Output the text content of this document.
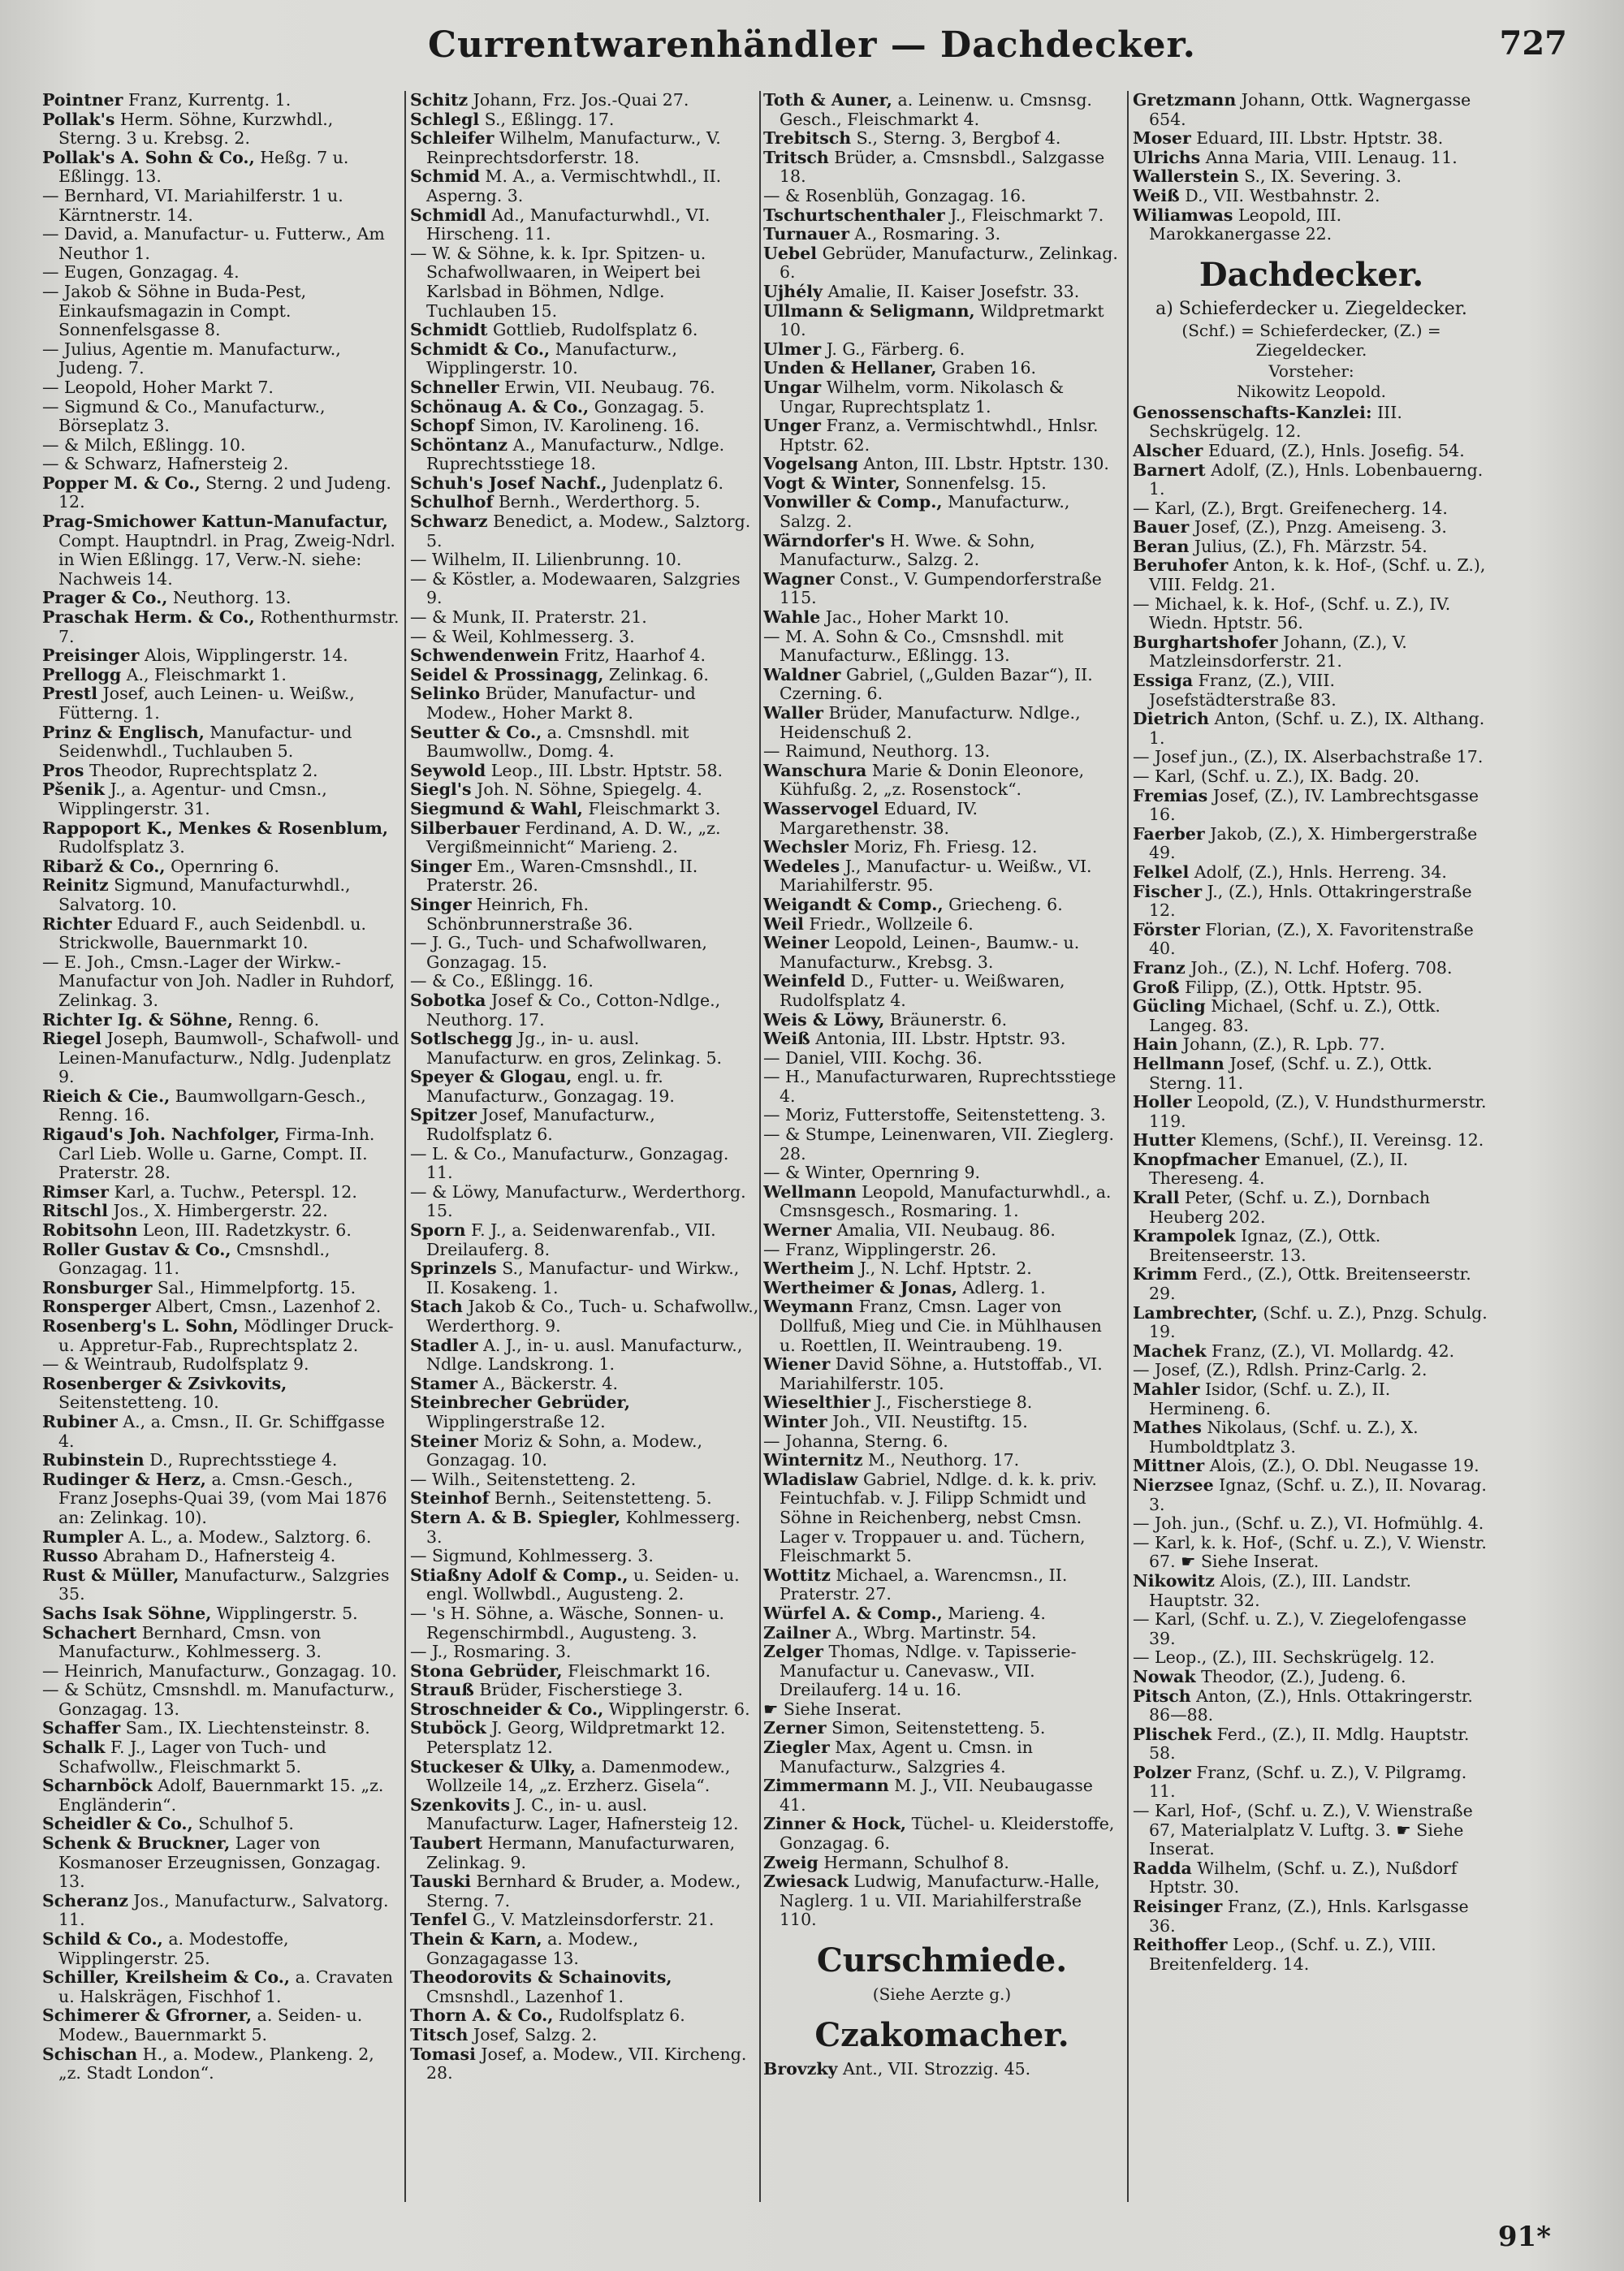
Currentwarenhändler — Dachdecker.	727

Pointner Franz, Kurrentg. 1.

Pollak's Herm. Söhne, Kurzwhdl., Sterng. 3 u. Krebsg. 2.

Pollak's A. Sohn & Co., Heßg. 7 u. Eßlingg. 13.

— Bernhard, VI. Mariahilferstr. 1 u. Kärntnerstr. 14.

— David, a. Manufactur- u. Futterw., Am Neuthor 1.

— Eugen, Gonzagag. 4.

— Jakob & Söhne in Buda-Pest, Einkaufsmagazin in Compt. Sonnenfelsgasse 8.

— Julius, Agentie m. Manufacturw., Judeng. 7.

— Leopold, Hoher Markt 7.

— Sigmund & Co., Manufacturw., Börseplatz 3.

— & Milch, Eßlingg. 10.

— & Schwarz, Hafnersteig 2.

Popper M. & Co., Sterng. 2 und Judeng. 12.

Prag-Smichower Kattun-Manufactur, Compt. Hauptndrl. in Prag, Zweig-Ndrl. in Wien Eßlingg. 17, Verw.-N. siehe: Nachweis 14.

Prager & Co., Neuthorg. 13.

Praschak Herm. & Co., Rothenthurmstr. 7.

Preisinger Alois, Wipplingerstr. 14.

Prellogg A., Fleischmarkt 1.

Prestl Josef, auch Leinen- u. Weißw., Fütterng. 1.

Prinz & Englisch, Manufactur- und Seidenwhdl., Tuchlauben 5.

Pros Theodor, Ruprechtsplatz 2.

Pšenik J., a. Agentur- und Cmsn., Wipplingerstr. 31.

Rappoport K., Menkes & Rosenblum, Rudolfsplatz 3.

Ribarž & Co., Opernring 6.

Reinitz Sigmund, Manufacturwhdl., Salvatorg. 10.

Richter Eduard F., auch Seidenbdl. u. Strickwolle, Bauernmarkt 10.

— E. Joh., Cmsn.-Lager der Wirkw.-Manufactur von Joh. Nadler in Ruhdorf, Zelinkag. 3.

Richter Ig. & Söhne, Renng. 6.

Riegel Joseph, Baumwoll-, Schafwoll- und Leinen-Manufacturw., Ndlg. Judenplatz 9.

Rieich & Cie., Baumwollgarn-Gesch., Renng. 16.

Rigaud's Joh. Nachfolger, Firma-Inh. Carl Lieb. Wolle u. Garne, Compt. II. Praterstr. 28.

Rimser Karl, a. Tuchw., Peterspl. 12.

Ritschl Jos., X. Himbergerstr. 22.

Robitsohn Leon, III. Radetzkystr. 6.

Roller Gustav & Co., Cmsnshdl., Gonzagag. 11.

Ronsburger Sal., Himmelpfortg. 15.

Ronsperger Albert, Cmsn., Lazenhof 2.

Rosenberg's L. Sohn, Mödlinger Druck- u. Appretur-Fab., Ruprechtsplatz 2.

— & Weintraub, Rudolfsplatz 9.

Rosenberger & Zsivkovits, Seitenstetteng. 10.

Rubiner A., a. Cmsn., II. Gr. Schiffgasse 4.

Rubinstein D., Ruprechtsstiege 4.

Rudinger & Herz, a. Cmsn.-Gesch., Franz Josephs-Quai 39, (vom Mai 1876 an: Zelinkag. 10).

Rumpler A. L., a. Modew., Salztorg. 6.

Russo Abraham D., Hafnersteig 4.

Rust & Müller, Manufacturw., Salzgries 35.

Sachs Isak Söhne, Wipplingerstr. 5.

Schachert Bernhard, Cmsn. von Manufacturw., Kohlmesserg. 3.

— Heinrich, Manufacturw., Gonzagag. 10.

— & Schütz, Cmsnshdl. m. Manufacturw., Gonzagag. 13.

Schaffer Sam., IX. Liechtensteinstr. 8.

Schalk F. J., Lager von Tuch- und Schafwollw., Fleischmarkt 5.

Scharnböck Adolf, Bauernmarkt 15. „z. Engländerin“.

Scheidler & Co., Schulhof 5.

Schenk & Bruckner, Lager von Kosmanoser Erzeugnissen, Gonzagag. 13.

Scheranz Jos., Manufacturw., Salvatorg. 11.

Schild & Co., a. Modestoffe, Wipplingerstr. 25.

Schiller, Kreilsheim & Co., a. Cravaten u. Halskrägen, Fischhof 1.

Schimerer & Gfrorner, a. Seiden- u. Modew., Bauernmarkt 5.

Schischan H., a. Modew., Plankeng. 2, „z. Stadt London“.

Schitz Johann, Frz. Jos.-Quai 27.

Schlegl S., Eßlingg. 17.

Schleifer Wilhelm, Manufacturw., V. Reinprechtsdorferstr. 18.

Schmid M. A., a. Vermischtwhdl., II. Asperng. 3.

Schmidl Ad., Manufacturwhdl., VI. Hirscheng. 11.

— W. & Söhne, k. k. Ipr. Spitzen- u. Schafwollwaaren, in Weipert bei Karlsbad in Böhmen, Ndlge. Tuchlauben 15.

Schmidt Gottlieb, Rudolfsplatz 6.

Schmidt & Co., Manufacturw., Wipplingerstr. 10.

Schneller Erwin, VII. Neubaug. 76.

Schönaug A. & Co., Gonzagag. 5.

Schopf Simon, IV. Karolineng. 16.

Schöntanz A., Manufacturw., Ndlge. Ruprechtsstiege 18.

Schuh's Josef Nachf., Judenplatz 6.

Schulhof Bernh., Werderthorg. 5.

Schwarz Benedict, a. Modew., Salztorg. 5.

— Wilhelm, II. Lilienbrunng. 10.

— & Köstler, a. Modewaaren, Salzgries 9.

— & Munk, II. Praterstr. 21.

— & Weil, Kohlmesserg. 3.

Schwendenwein Fritz, Haarhof 4.

Seidel & Prossinagg, Zelinkag. 6.

Selinko Brüder, Manufactur- und Modew., Hoher Markt 8.

Seutter & Co., a. Cmsnshdl. mit Baumwollw., Domg. 4.

Seywold Leop., III. Lbstr. Hptstr. 58.

Siegl's Joh. N. Söhne, Spiegelg. 4.

Siegmund & Wahl, Fleischmarkt 3.

Silberbauer Ferdinand, A. D. W., „z. Vergißmeinnicht“ Marieng. 2.

Singer Em., Waren-Cmsnshdl., II. Praterstr. 26.

Singer Heinrich, Fh. Schönbrunnerstraße 36.

— J. G., Tuch- und Schafwollwaren, Gonzagag. 15.

— & Co., Eßlingg. 16.

Sobotka Josef & Co., Cotton-Ndlge., Neuthorg. 17.

Sotlschegg Jg., in- u. ausl. Manufacturw. en gros, Zelinkag. 5.

Speyer & Glogau, engl. u. fr. Manufacturw., Gonzagag. 19.

Spitzer Josef, Manufacturw., Rudolfsplatz 6.

— L. & Co., Manufacturw., Gonzagag. 11.

— & Löwy, Manufacturw., Werderthorg. 15.

Sporn F. J., a. Seidenwarenfab., VII. Dreilauferg. 8.

Sprinzels S., Manufactur- und Wirkw., II. Kosakeng. 1.

Stach Jakob & Co., Tuch- u. Schafwollw., Werderthorg. 9.

Stadler A. J., in- u. ausl. Manufacturw., Ndlge. Landskrong. 1.

Stamer A., Bäckerstr. 4.

Steinbrecher Gebrüder, Wipplingerstraße 12.

Steiner Moriz & Sohn, a. Modew., Gonzagag. 10.

— Wilh., Seitenstetteng. 2.

Steinhof Bernh., Seitenstetteng. 5.

Stern A. & B. Spiegler, Kohlmesserg. 3.

— Sigmund, Kohlmesserg. 3.

Stiaßny Adolf & Comp., u. Seiden- u. engl. Wollwbdl., Augusteng. 2.

— 's H. Söhne, a. Wäsche, Sonnen- u. Regenschirmbdl., Augusteng. 3.

— J., Rosmaring. 3.

Stona Gebrüder, Fleischmarkt 16.

Strauß Brüder, Fischerstiege 3.

Stroschneider & Co., Wipplingerstr. 6.

Stuböck J. Georg, Wildpretmarkt 12. Petersplatz 12.

Stuckeser & Ulky, a. Damenmodew., Wollzeile 14, „z. Erzherz. Gisela“.

Szenkovits J. C., in- u. ausl. Manufacturw. Lager, Hafnersteig 12.

Taubert Hermann, Manufacturwaren, Zelinkag. 9.

Tauski Bernhard & Bruder, a. Modew., Sterng. 7.

Tenfel G., V. Matzleinsdorferstr. 21.

Thein & Karn, a. Modew., Gonzagagasse 13.

Theodorovits & Schainovits, Cmsnshdl., Lazenhof 1.

Thorn A. & Co., Rudolfsplatz 6.

Titsch Josef, Salzg. 2.

Tomasi Josef, a. Modew., VII. Kircheng. 28.

Toth & Auner, a. Leinenw. u. Cmsnsg. Gesch., Fleischmarkt 4.

Trebitsch S., Sterng. 3, Bergbof 4.

Tritsch Brüder, a. Cmsnsbdl., Salzgasse 18.

— & Rosenblüh, Gonzagag. 16.

Tschurtschenthaler J., Fleischmarkt 7.

Turnauer A., Rosmaring. 3.

Uebel Gebrüder, Manufacturw., Zelinkag. 6.

Ujhély Amalie, II. Kaiser Josefstr. 33.

Ullmann & Seligmann, Wildpretmarkt 10.

Ulmer J. G., Färberg. 6.

Unden & Hellaner, Graben 16.

Ungar Wilhelm, vorm. Nikolasch & Ungar, Ruprechtsplatz 1.

Unger Franz, a. Vermischtwhdl., Hnlsr. Hptstr. 62.

Vogelsang Anton, III. Lbstr. Hptstr. 130.

Vogt & Winter, Sonnenfelsg. 15.

Vonwiller & Comp., Manufacturw., Salzg. 2.

Wärndorfer's H. Wwe. & Sohn, Manufacturw., Salzg. 2.

Wagner Const., V. Gumpendorferstraße 115.

Wahle Jac., Hoher Markt 10.

— M. A. Sohn & Co., Cmsnshdl. mit Manufacturw., Eßlingg. 13.

Waldner Gabriel, („Gulden Bazar“), II. Czerning. 6.

Waller Brüder, Manufacturw. Ndlge., Heidenschuß 2.

— Raimund, Neuthorg. 13.

Wanschura Marie & Donin Eleonore, Kühfußg. 2, „z. Rosenstock“.

Wasservogel Eduard, IV. Margarethenstr. 38.

Wechsler Moriz, Fh. Friesg. 12.

Wedeles J., Manufactur- u. Weißw., VI. Mariahilferstr. 95.

Weigandt & Comp., Griecheng. 6.

Weil Friedr., Wollzeile 6.

Weiner Leopold, Leinen-, Baumw.- u. Manufacturw., Krebsg. 3.

Weinfeld D., Futter- u. Weißwaren, Rudolfsplatz 4.

Weis & Löwy, Bräunerstr. 6.

Weiß Antonia, III. Lbstr. Hptstr. 93.

— Daniel, VIII. Kochg. 36.

— H., Manufacturwaren, Ruprechtsstiege 4.

— Moriz, Futterstoffe, Seitenstetteng. 3.

— & Stumpe, Leinenwaren, VII. Zieglerg. 28.

— & Winter, Opernring 9.

Wellmann Leopold, Manufacturwhdl., a. Cmsnsgesch., Rosmaring. 1.

Werner Amalia, VII. Neubaug. 86.

— Franz, Wipplingerstr. 26.

Wertheim J., N. Lchf. Hptstr. 2.

Wertheimer & Jonas, Adlerg. 1.

Weymann Franz, Cmsn. Lager von Dollfuß, Mieg und Cie. in Mühlhausen u. Roettlen, II. Weintraubeng. 19.

Wiener David Söhne, a. Hutstoffab., VI. Mariahilferstr. 105.

Wieselthier J., Fischerstiege 8.

Winter Joh., VII. Neustiftg. 15.

— Johanna, Sterng. 6.

Winternitz M., Neuthorg. 17.

Wladislaw Gabriel, Ndlge. d. k. k. priv. Feintuchfab. v. J. Filipp Schmidt und Söhne in Reichenberg, nebst Cmsn. Lager v. Troppauer u. and. Tüchern, Fleischmarkt 5.

Wottitz Michael, a. Warencmsn., II. Praterstr. 27.

Würfel A. & Comp., Marieng. 4.

Zailner A., Wbrg. Martinstr. 54.

Zelger Thomas, Ndlge. v. Tapisserie-Manufactur u. Canevasw., VII. Dreilauferg. 14 u. 16.

☛ Siehe Inserat.

Zerner Simon, Seitenstetteng. 5.

Ziegler Max, Agent u. Cmsn. in Manufacturw., Salzgries 4.

Zimmermann M. J., VII. Neubaugasse 41.

Zinner & Hock, Tüchel- u. Kleiderstoffe, Gonzagag. 6.

Zweig Hermann, Schulhof 8.

Zwiesack Ludwig, Manufacturw.-Halle, Naglerg. 1 u. VII. Mariahilferstraße 110.

Curschmiede.
(Siehe Aerzte g.)
Czakomacher.

Brovzky Ant., VII. Strozzig. 45.

Gretzmann Johann, Ottk. Wagnergasse 654.

Moser Eduard, III. Lbstr. Hptstr. 38.

Ulrichs Anna Maria, VIII. Lenaug. 11.

Wallerstein S., IX. Severing. 3.

Weiß D., VII. Westbahnstr. 2.

Wiliamwas Leopold, III. Marokkanergasse 22.

Dachdecker.
a) Schieferdecker u. Ziegeldecker.
(Schf.) = Schieferdecker, (Z.) = Ziegeldecker.
Vorsteher:
Nikowitz Leopold.

Genossenschafts-Kanzlei: III. Sechskrügelg. 12.

Alscher Eduard, (Z.), Hnls. Josefig. 54.

Barnert Adolf, (Z.), Hnls. Lobenbauerng. 1.

— Karl, (Z.), Brgt. Greifenecherg. 14.

Bauer Josef, (Z.), Pnzg. Ameiseng. 3.

Beran Julius, (Z.), Fh. Märzstr. 54.

Beruhofer Anton, k. k. Hof-, (Schf. u. Z.), VIII. Feldg. 21.

— Michael, k. k. Hof-, (Schf. u. Z.), IV. Wiedn. Hptstr. 56.

Burghartshofer Johann, (Z.), V. Matzleinsdorferstr. 21.

Essiga Franz, (Z.), VIII. Josefstädterstraße 83.

Dietrich Anton, (Schf. u. Z.), IX. Althang. 1.

— Josef jun., (Z.), IX. Alserbachstraße 17.

— Karl, (Schf. u. Z.), IX. Badg. 20.

Fremias Josef, (Z.), IV. Lambrechtsgasse 16.

Faerber Jakob, (Z.), X. Himbergerstraße 49.

Felkel Adolf, (Z.), Hnls. Herreng. 34.

Fischer J., (Z.), Hnls. Ottakringerstraße 12.

Förster Florian, (Z.), X. Favoritenstraße 40.

Franz Joh., (Z.), N. Lchf. Hoferg. 708.

Groß Filipp, (Z.), Ottk. Hptstr. 95.

Gücling Michael, (Schf. u. Z.), Ottk. Langeg. 83.

Hain Johann, (Z.), R. Lpb. 77.

Hellmann Josef, (Schf. u. Z.), Ottk. Sterng. 11.

Holler Leopold, (Z.), V. Hundsthurmerstr. 119.

Hutter Klemens, (Schf.), II. Vereinsg. 12.

Knopfmacher Emanuel, (Z.), II. Thereseng. 4.

Krall Peter, (Schf. u. Z.), Dornbach Heuberg 202.

Krampolek Ignaz, (Z.), Ottk. Breitenseerstr. 13.

Krimm Ferd., (Z.), Ottk. Breitenseerstr. 29.

Lambrechter, (Schf. u. Z.), Pnzg. Schulg. 19.

Machek Franz, (Z.), VI. Mollardg. 42.

— Josef, (Z.), Rdlsh. Prinz-Carlg. 2.

Mahler Isidor, (Schf. u. Z.), II. Hermineng. 6.

Mathes Nikolaus, (Schf. u. Z.), X. Humboldtplatz 3.

Mittner Alois, (Z.), O. Dbl. Neugasse 19.

Nierzsee Ignaz, (Schf. u. Z.), II. Novarag. 3.

— Joh. jun., (Schf. u. Z.), VI. Hofmühlg. 4.

— Karl, k. k. Hof-, (Schf. u. Z.), V. Wienstr. 67. ☛ Siehe Inserat.

Nikowitz Alois, (Z.), III. Landstr. Hauptstr. 32.

— Karl, (Schf. u. Z.), V. Ziegelofengasse 39.

— Leop., (Z.), III. Sechskrügelg. 12.

Nowak Theodor, (Z.), Judeng. 6.

Pitsch Anton, (Z.), Hnls. Ottakringerstr. 86—88.

Plischek Ferd., (Z.), II. Mdlg. Hauptstr. 58.

Polzer Franz, (Schf. u. Z.), V. Pilgramg. 11.

— Karl, Hof-, (Schf. u. Z.), V. Wienstraße 67, Materialplatz V. Luftg. 3. ☛ Siehe Inserat.

Radda Wilhelm, (Schf. u. Z.), Nußdorf Hptstr. 30.

Reisinger Franz, (Z.), Hnls. Karlsgasse 36.

Reithoffer Leop., (Schf. u. Z.), VIII. Breitenfelderg. 14.

91*
